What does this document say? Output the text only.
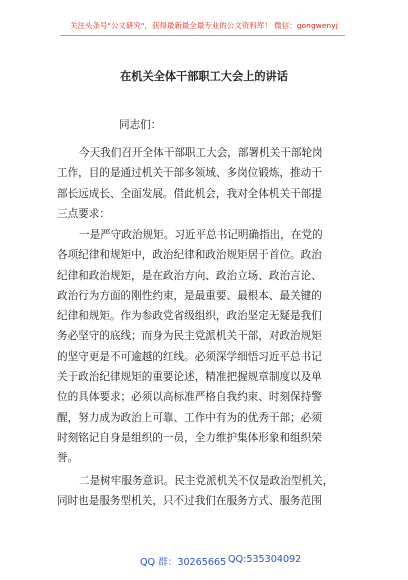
关注头条号"公文研究"，获得最新最全最专业的公文资料库！ 微信：gongwenyj
在机关全体干部职工大会上的讲话
同志们：
今天我们召开全体干部职工大会，部署机关干部轮岗
工作，目的是通过机关干部多领域、多岗位锻炼，推动干
部长远成长、全面发展。借此机会，我对全体机关干部提
三点要求：
一是严守政治规矩。习近平总书记明确指出，在党的
各项纪律和规矩中，政治纪律和政治规矩居于首位。政治
纪律和政治规矩，是在政治方向、政治立场、政治言论、
政治行为方面的刚性约束，是最重要、最根本、最关键的
纪律和规矩。作为参政党省级组织，政治坚定无疑是我们
务必坚守的底线；而身为民主党派机关干部，对政治规矩
的坚守更是不可逾越的红线。必须深学细悟习近平总书记
关于政治纪律规矩的重要论述，精准把握规章制度以及单
位的具体要求；必须以高标准严格自我约束、时刻保持警
醒，努力成为政治上可靠、工作中有为的优秀干部；必须
时刻铭记自身是组织的一员，全力维护集体形象和组织荣
誉。
二是树牢服务意识。民主党派机关不仅是政治型机关，
同时也是服务型机关，只不过我们在服务方式、服务范围
QQ 群：30265665 QQ:535304092
